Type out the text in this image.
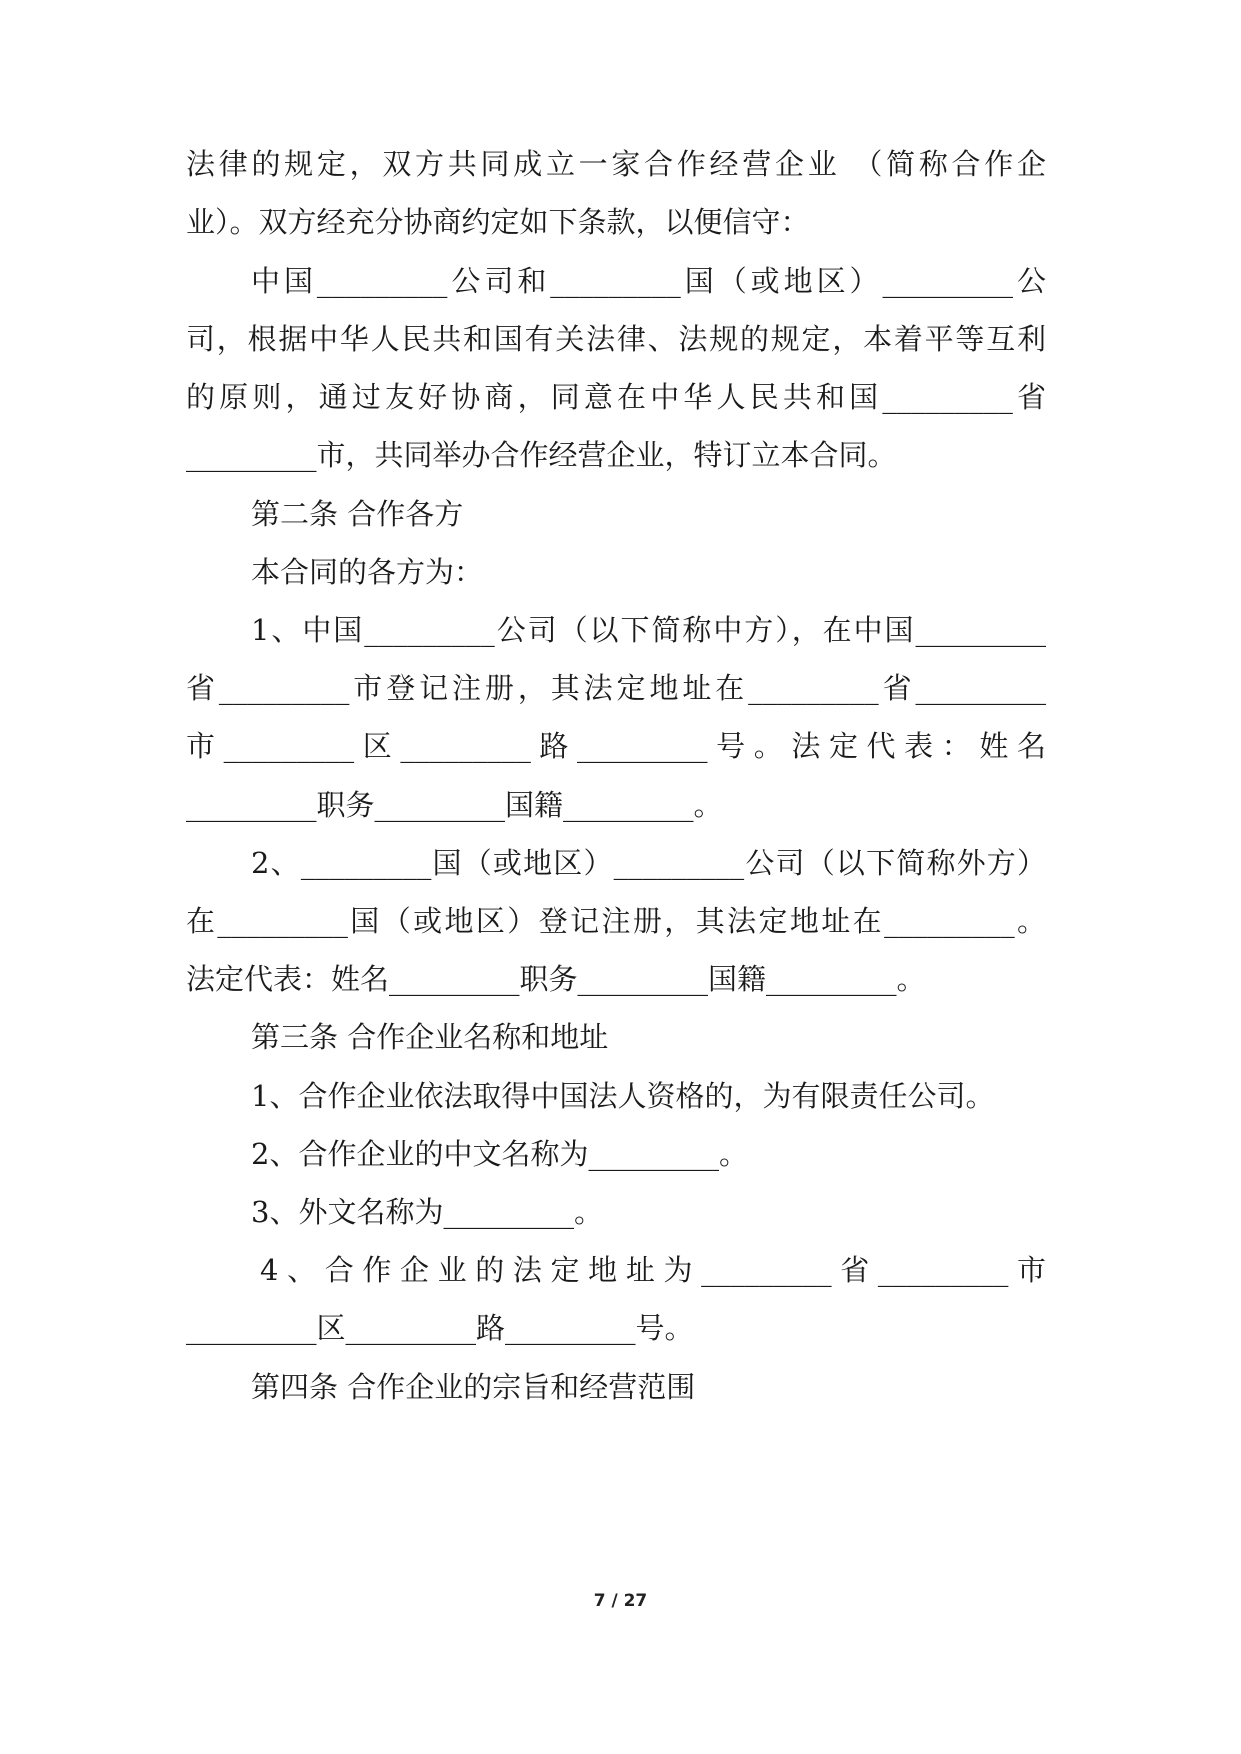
法律的规定，双方共同成立一家合作经营企业 （简称合作企
业）。双方经充分协商约定如下条款，以便信守：
中国_________公司和_________国（或地区）_________公
司，根据中华人民共和国有关法律、法规的规定，本着平等互利
的原则，通过友好协商，同意在中华人民共和国_________省
_________市，共同举办合作经营企业，特订立本合同。
第二条 合作各方
本合同的各方为：
1、中国_________公司（以下简称中方），在中国_________
省_________市登记注册，其法定地址在_________省_________
市_________区_________路_________号。法定代表：姓名
_________职务_________国籍_________。
2、_________国（或地区）_________公司（以下简称外方）
在_________国（或地区）登记注册，其法定地址在_________。
法定代表：姓名_________职务_________国籍_________。
第三条 合作企业名称和地址
1、合作企业依法取得中国法人资格的，为有限责任公司。
2、合作企业的中文名称为_________。
3、外文名称为_________。
4、合作企业的法定地址为_________省_________市
_________区_________路_________号。
第四条 合作企业的宗旨和经营范围
7 / 27
